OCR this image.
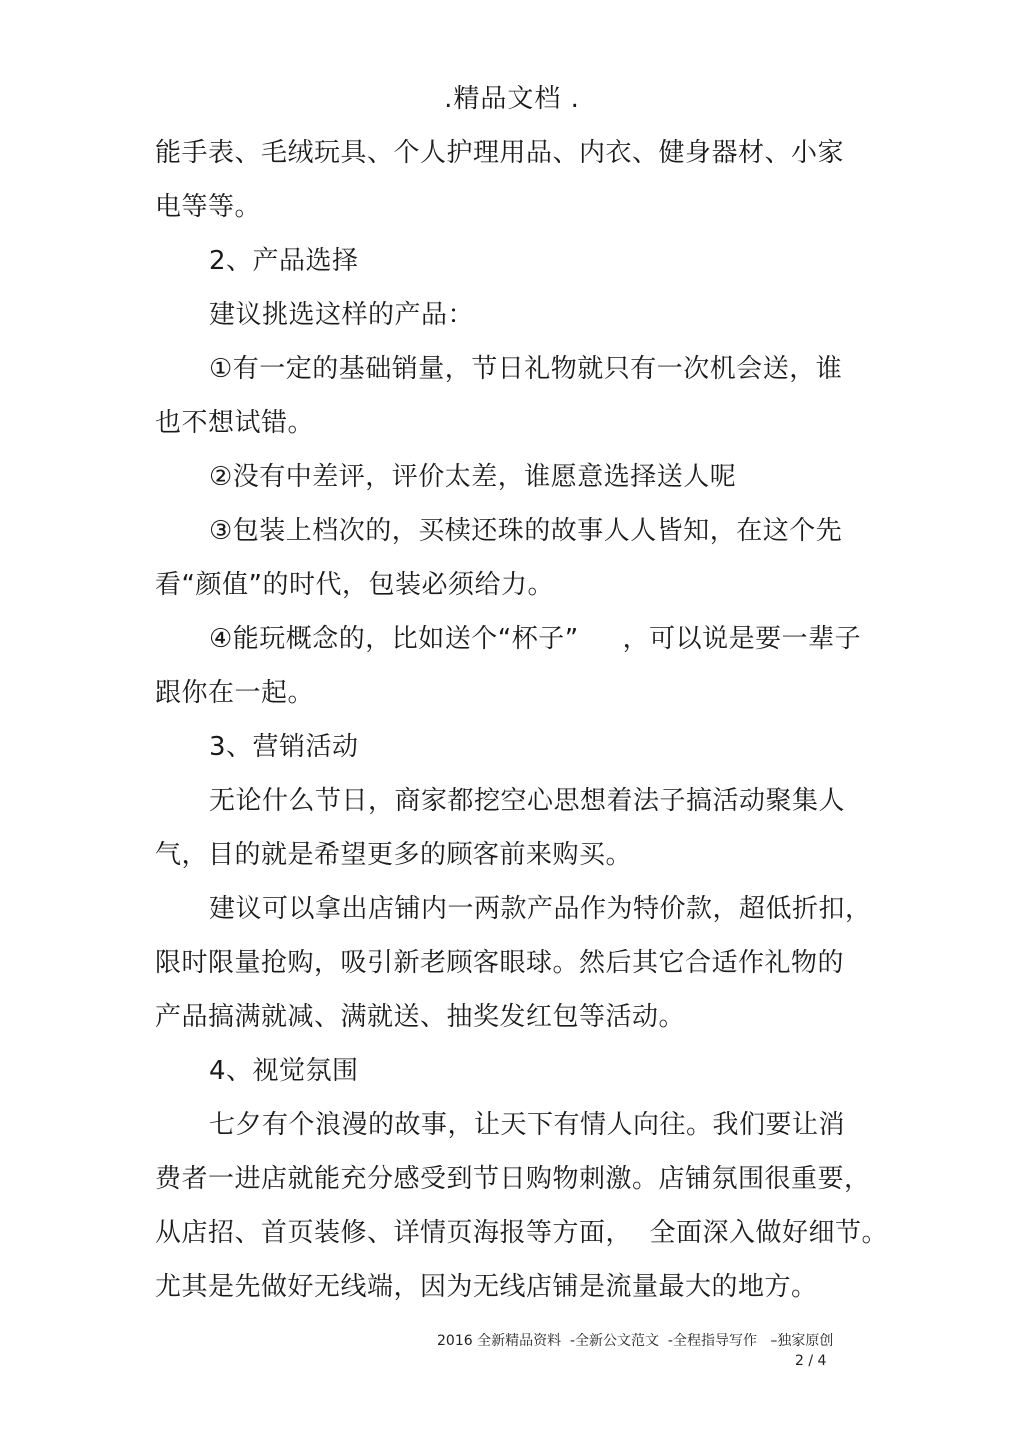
.精品文档 .
能手表、毛绒玩具、个人护理用品、内衣、健身器材、小家
电等等。
2、产品选择
建议挑选这样的产品：
①有一定的基础销量，节日礼物就只有一次机会送，谁
也不想试错。
②没有中差评，评价太差，谁愿意选择送人呢
③包装上档次的，买椟还珠的故事人人皆知，在这个先
看“颜值”的时代，包装必须给力。
④能玩概念的，比如送个“杯子”     ，可以说是要一辈子
跟你在一起。
3、营销活动
无论什么节日，商家都挖空心思想着法子搞活动聚集人
气，目的就是希望更多的顾客前来购买。
建议可以拿出店铺内一两款产品作为特价款，超低折扣，
限时限量抢购，吸引新老顾客眼球。然后其它合适作礼物的
产品搞满就减、满就送、抽奖发红包等活动。
4、视觉氛围
七夕有个浪漫的故事，让天下有情人向往。我们要让消
费者一进店就能充分感受到节日购物刺激。店铺氛围很重要，
从店招、首页装修、详情页海报等方面，  全面深入做好细节。
尤其是先做好无线端，因为无线店铺是流量最大的地方。
2016 全新精品资料  -全新公文范文  -全程指导写作   –独家原创
2 / 4
